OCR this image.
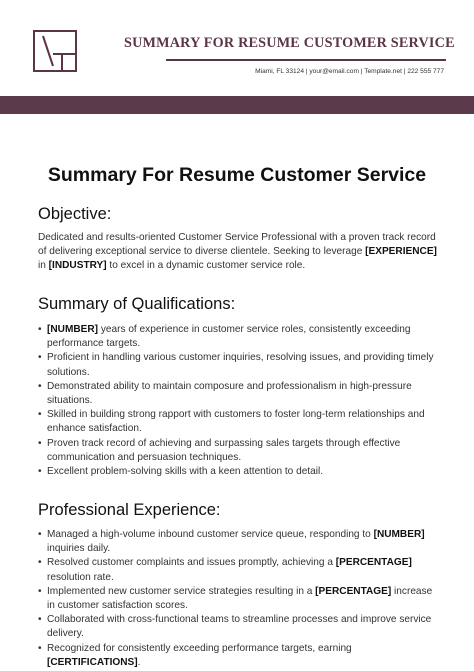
SUMMARY FOR RESUME CUSTOMER SERVICE
Miami, FL 33124 | your@email.com | Template.net | 222 555 777
Summary For Resume Customer Service
Objective:
Dedicated and results-oriented Customer Service Professional with a proven track record of delivering exceptional service to diverse clientele. Seeking to leverage [EXPERIENCE] in [INDUSTRY] to excel in a dynamic customer service role.
Summary of Qualifications:
• [NUMBER] years of experience in customer service roles, consistently exceeding performance targets.
• Proficient in handling various customer inquiries, resolving issues, and providing timely solutions.
• Demonstrated ability to maintain composure and professionalism in high-pressure situations.
• Skilled in building strong rapport with customers to foster long-term relationships and enhance satisfaction.
• Proven track record of achieving and surpassing sales targets through effective communication and persuasion techniques.
• Excellent problem-solving skills with a keen attention to detail.
Professional Experience:
• Managed a high-volume inbound customer service queue, responding to [NUMBER] inquiries daily.
• Resolved customer complaints and issues promptly, achieving a [PERCENTAGE] resolution rate.
• Implemented new customer service strategies resulting in a [PERCENTAGE] increase in customer satisfaction scores.
• Collaborated with cross-functional teams to streamline processes and improve service delivery.
• Recognized for consistently exceeding performance targets, earning [CERTIFICATIONS].
